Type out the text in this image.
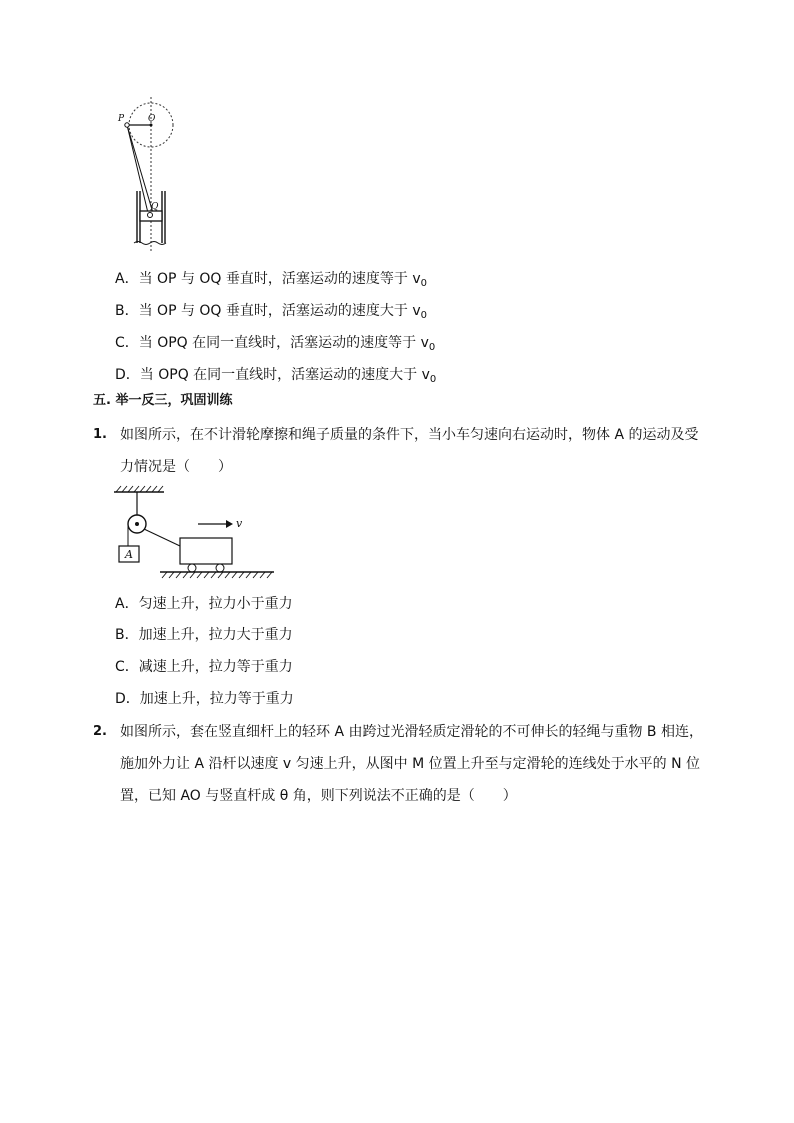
P	O
Q
A．当 OP 与 OQ 垂直时，活塞运动的速度等于 $v_0$
B．当 OP 与 OQ 垂直时，活塞运动的速度大于 $v_0$
C．当 OPQ 在同一直线时，活塞运动的速度等于 $v_0$
D．当 OPQ 在同一直线时，活塞运动的速度大于 $v_0$
五. 举一反三，巩固训练
1. 如图所示，在不计滑轮摩擦和绳子质量的条件下，当小车匀速向右运动时，物体 A 的运动及受力情况是（　　）
A
v
A．匀速上升，拉力小于重力
B．加速上升，拉力大于重力
C．减速上升，拉力等于重力
D．加速上升，拉力等于重力
2. 如图所示，套在竖直细杆上的轻环 A 由跨过光滑轻质定滑轮的不可伸长的轻绳与重物 B 相连，施加外力让 A 沿杆以速度 v 匀速上升，从图中 M 位置上升至与定滑轮的连线处于水平的 N 位置，已知 AO 与竖直杆成 θ 角，则下列说法不正确的是（　　）
